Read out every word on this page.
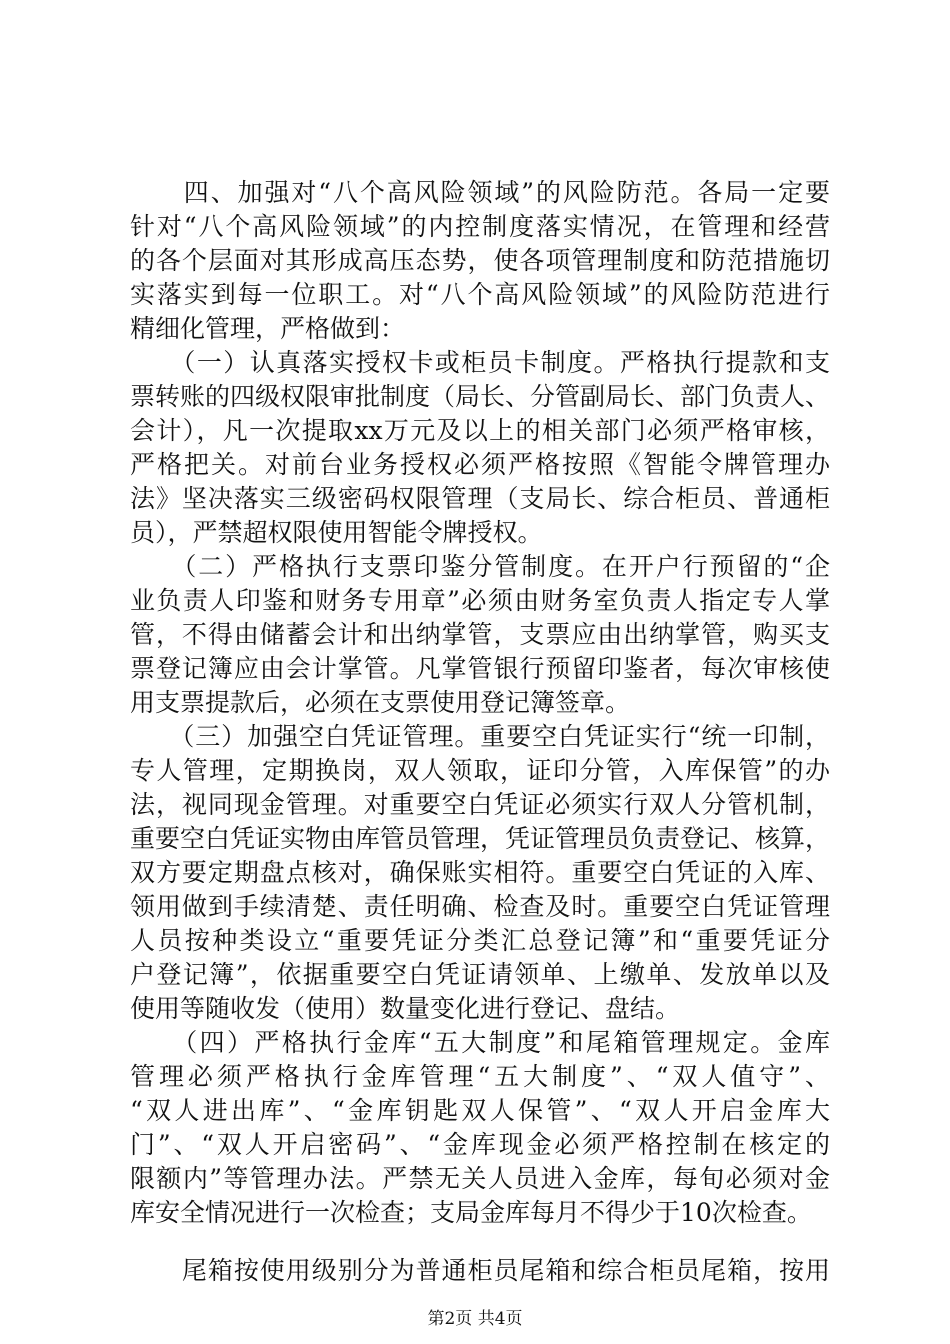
　　四、加强对“八个高风险领域”的风险防范。各局一定要
针对“八个高风险领域”的内控制度落实情况，在管理和经营
的各个层面对其形成高压态势，使各项管理制度和防范措施切
实落实到每一位职工。对“八个高风险领域”的风险防范进行
精细化管理，严格做到：
　　（一）认真落实授权卡或柜员卡制度。严格执行提款和支
票转账的四级权限审批制度（局长、分管副局长、部门负责人、
会计），凡一次提取xx万元及以上的相关部门必须严格审核，
严格把关。对前台业务授权必须严格按照《智能令牌管理办
法》坚决落实三级密码权限管理（支局长、综合柜员、普通柜
员），严禁超权限使用智能令牌授权。
　　（二）严格执行支票印鉴分管制度。在开户行预留的“企
业负责人印鉴和财务专用章”必须由财务室负责人指定专人掌
管，不得由储蓄会计和出纳掌管，支票应由出纳掌管，购买支
票登记簿应由会计掌管。凡掌管银行预留印鉴者，每次审核使
用支票提款后，必须在支票使用登记簿签章。
　　（三）加强空白凭证管理。重要空白凭证实行“统一印制，
专人管理，定期换岗，双人领取，证印分管，入库保管”的办
法，视同现金管理。对重要空白凭证必须实行双人分管机制，
重要空白凭证实物由库管员管理，凭证管理员负责登记、核算，
双方要定期盘点核对，确保账实相符。重要空白凭证的入库、
领用做到手续清楚、责任明确、检查及时。重要空白凭证管理
人员按种类设立“重要凭证分类汇总登记簿”和“重要凭证分
户登记簿”，依据重要空白凭证请领单、上缴单、发放单以及
使用等随收发（使用）数量变化进行登记、盘结。
　　（四）严格执行金库“五大制度”和尾箱管理规定。金库
管理必须严格执行金库管理“五大制度”、“双人值守”、
“双人进出库”、“金库钥匙双人保管”、“双人开启金库大
门”、“双人开启密码”、“金库现金必须严格控制在核定的
限额内”等管理办法。严禁无关人员进入金库，每旬必须对金
库安全情况进行一次检查；支局金库每月不得少于10次检查。
　　尾箱按使用级别分为普通柜员尾箱和综合柜员尾箱，按用
第2页 共4页
